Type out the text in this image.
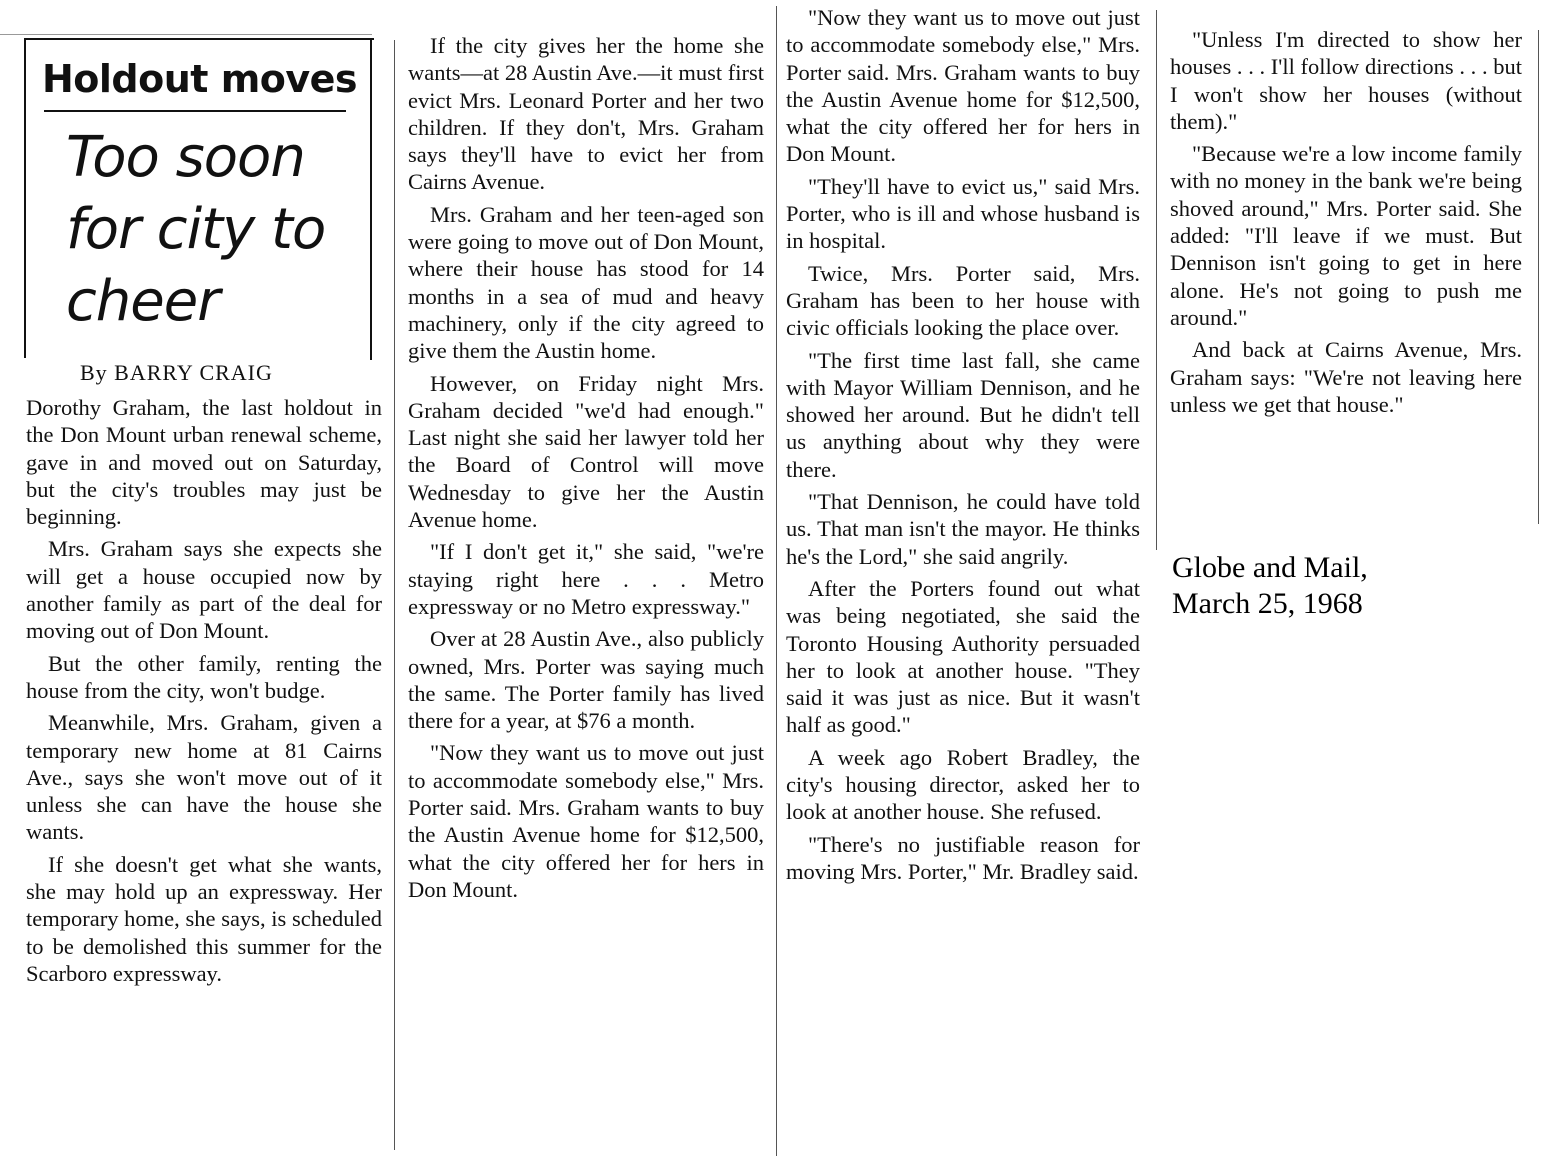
Holdout moves
Too soon for city to cheer
By BARRY CRAIG

Dorothy Graham, the last holdout in the Don Mount urban renewal scheme, gave in and moved out on Saturday, but the city's troubles may just be beginning.

Mrs. Graham says she expects she will get a house occupied now by another family as part of the deal for moving out of Don Mount.

But the other family, renting the house from the city, won't budge.

Meanwhile, Mrs. Graham, given a temporary new home at 81 Cairns Ave., says she won't move out of it unless she can have the house she wants.

If she doesn't get what she wants, she may hold up an expressway. Her temporary home, she says, is scheduled to be demolished this summer for the Scarboro expressway.

If the city gives her the home she wants—at 28 Austin Ave.—it must first evict Mrs. Leonard Porter and her two children. If they don't, Mrs. Graham says they'll have to evict her from Cairns Avenue.

Mrs. Graham and her teen-aged son were going to move out of Don Mount, where their house has stood for 14 months in a sea of mud and heavy machinery, only if the city agreed to give them the Austin home.

However, on Friday night Mrs. Graham decided "we'd had enough." Last night she said her lawyer told her the Board of Control will move Wednesday to give her the Austin Avenue home.

"If I don't get it," she said, "we're staying right here . . . Metro expressway or no Metro expressway."

Over at 28 Austin Ave., also publicly owned, Mrs. Porter was saying much the same. The Porter family has lived there for a year, at $76 a month.

"Now they want us to move out just to accommodate somebody else," Mrs. Porter said. Mrs. Graham wants to buy the Austin Avenue home for $12,500, what the city offered her for hers in Don Mount.

"Now they want us to move out just to accommodate somebody else," Mrs. Porter said. Mrs. Graham wants to buy the Austin Avenue home for $12,500, what the city offered her for hers in Don Mount.

"They'll have to evict us," said Mrs. Porter, who is ill and whose husband is in hospital.

Twice, Mrs. Porter said, Mrs. Graham has been to her house with civic officials looking the place over.

"The first time last fall, she came with Mayor William Dennison, and he showed her around. But he didn't tell us anything about why they were there.

"That Dennison, he could have told us. That man isn't the mayor. He thinks he's the Lord," she said angrily.

After the Porters found out what was being negotiated, she said the Toronto Housing Authority persuaded her to look at another house. "They said it was just as nice. But it wasn't half as good."

A week ago Robert Bradley, the city's housing director, asked her to look at another house. She refused.

"There's no justifiable reason for moving Mrs. Porter," Mr. Bradley said.

"Unless I'm directed to show her houses . . . I'll follow directions . . . but I won't show her houses (without them)."

"Because we're a low income family with no money in the bank we're being shoved around," Mrs. Porter said. She added: "I'll leave if we must. But Dennison isn't going to get in here alone. He's not going to push me around."

And back at Cairns Avenue, Mrs. Graham says: "We're not leaving here unless we get that house."

Globe and Mail,
March 25, 1968
